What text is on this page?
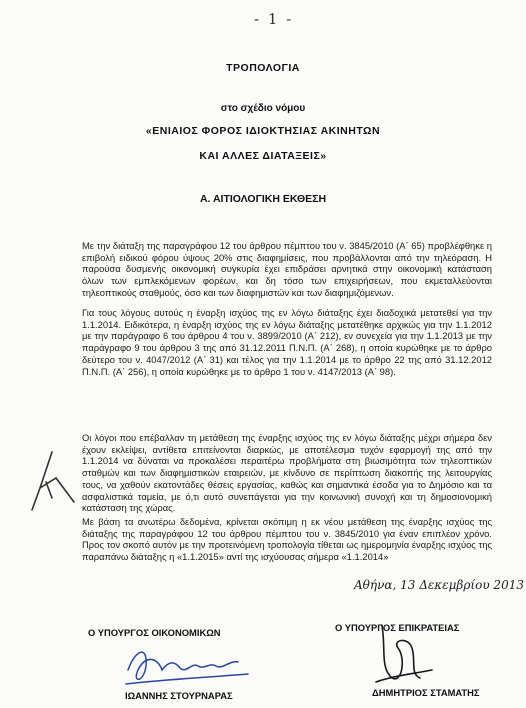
- 1 -
ΤΡΟΠΟΛΟΓΙΑ
στο σχέδιο νόμου
«ΕΝΙΑΙΟΣ ΦΟΡΟΣ ΙΔΙΟΚΤΗΣΙΑΣ ΑΚΙΝΗΤΩΝ
ΚΑΙ ΑΛΛΕΣ ΔΙΑΤΑΞΕΙΣ»
Α. ΑΙΤΙΟΛΟΓΙΚΗ ΕΚΘΕΣΗ
Με την διάταξη της παραγράφου 12 του άρθρου πέμπτου του ν. 3845/2010 (Α΄ 65) προβλέφθηκε η επιβολή ειδικού φόρου ύψους 20% στις διαφημίσεις, που προβάλλονται από την τηλεόραση. Η παρούσα δυσμενής οικονομική συγκυρία έχει επιδράσει αρνητικά στην οικονομική κατάσταση όλων των εμπλεκόμενων φορέων, και δη τόσο των επιχειρήσεων, που εκμεταλλεύονται τηλεοπτικούς σταθμούς, όσο και των διαφημιστών και των διαφημιζόμενων.
Για τους λόγους αυτούς η έναρξη ισχύος της εν λόγω διάταξης έχει διαδοχικά μετατεθεί για την 1.1.2014. Ειδικότερα, η έναρξη ισχύος της εν λόγω διάταξης μετατέθηκε αρχικώς για την 1.1.2012 με την παράγραφο 6 του άρθρου 4 του ν. 3899/2010 (Α΄ 212), εν συνεχεία για την 1.1.2013 με την παράγραφο 9 του άρθρου 3 της από 31.12.2011 Π.Ν.Π. (Α΄ 268), η οποία κυρώθηκε με το άρθρο δεύτερο του ν. 4047/2012 (Α΄ 31) και τέλος για την 1.1.2014 με το άρθρο 22 της από 31.12.2012 Π.Ν.Π. (Α΄ 256), η οποία κυρώθηκε με το άρθρο 1 του ν. 4147/2013 (Α΄ 98).
Οι λόγοι που επέβαλλαν τη μετάθεση της έναρξης ισχύος της εν λόγω διάταξης μέχρι σήμερα δεν έχουν εκλείψει, αντίθετα επιτείνονται διαρκώς, με αποτέλεσμα τυχόν εφαρμογή της από την 1.1.2014 να δύναται να προκαλέσει περαιτέρω προβλήματα στη βιωσιμότητα των τηλεοπτικών σταθμών και των διαφημιστικών εταιρειών, με κίνδυνο σε περίπτωση διακοπής της λειτουργίας τους, να χαθούν εκατοντάδες θέσεις εργασίας, καθώς και σημαντικά έσοδα για το Δημόσιο και τα ασφαλιστικά ταμεία, με ό,τι αυτό συνεπάγεται για την κοινωνική συνοχή και τη δημοσιονομική κατάσταση της χώρας.
Με βάση τα ανωτέρω δεδομένα, κρίνεται σκόπιμη η εκ νέου μετάθεση της έναρξης ισχύος της διάταξης της παραγράφου 12 του άρθρου πέμπτου του ν. 3845/2010 για έναν επιπλέον χρόνο. Προς τον σκοπό αυτόν με την προτεινόμενη τροπολογία τίθεται ως ημερομηνία έναρξης ισχύος της παραπάνω διάταξης η «1.1.2015» αντί της ισχύουσας σήμερα «1.1.2014»
Αθήνα, 13 Δεκεμβρίου 2013
Ο ΥΠΟΥΡΓΟΣ ΟΙΚΟΝΟΜΙΚΩΝ	Ο ΥΠΟΥΡΓΟΣ ΕΠΙΚΡΑΤΕΙΑΣ
ΙΩΑΝΝΗΣ ΣΤΟΥΡΝΑΡΑΣ	ΔΗΜΗΤΡΙΟΣ ΣΤΑΜΑΤΗΣ
